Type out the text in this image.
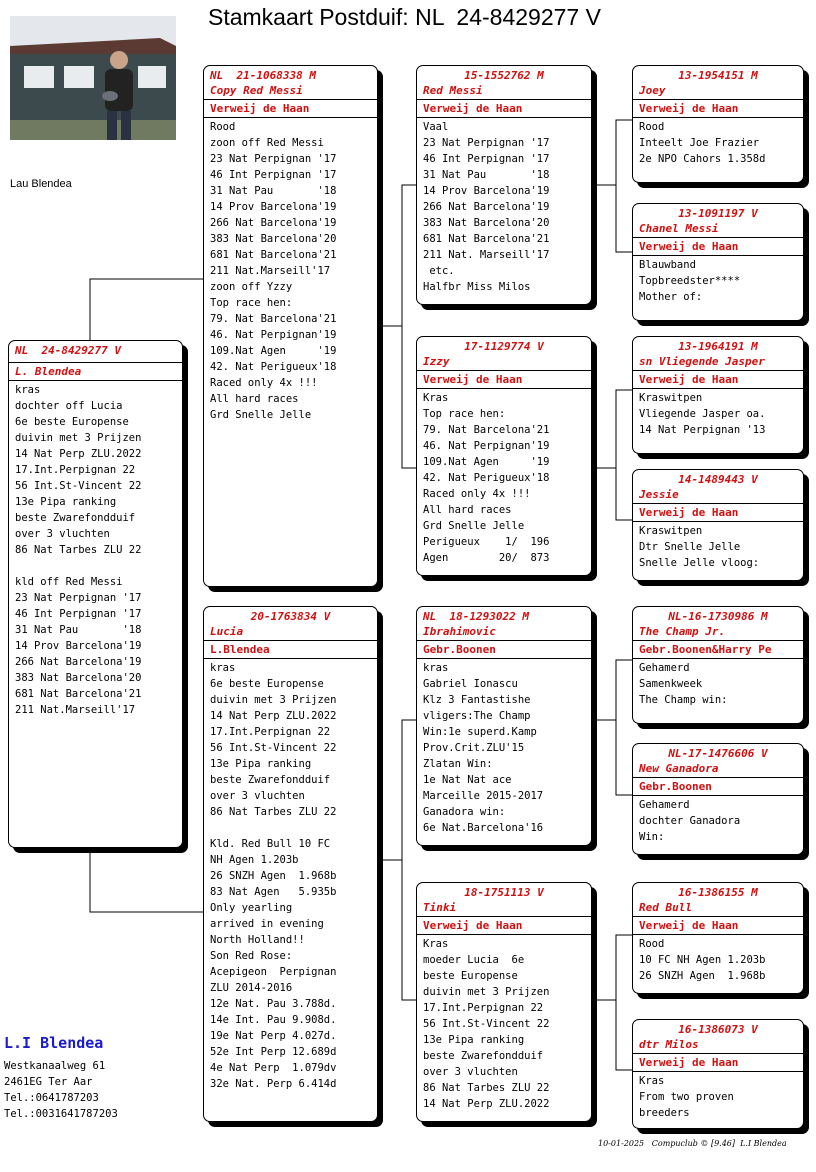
Stamkaart Postduif: NL  24-8429277 V
Lau Blendea
NL  24-8429277 V
L. Blendea
kras
dochter off Lucia
6e beste Europense
duivin met 3 Prijzen
14 Nat Perp ZLU.2022
17.Int.Perpignan 22
56 Int.St-Vincent 22
13e Pipa ranking
beste Zwarefondduif
over 3 vluchten
86 Nat Tarbes ZLU 22

kld off Red Messi
23 Nat Perpignan '17
46 Int Perpignan '17
31 Nat Pau       '18
14 Prov Barcelona'19
266 Nat Barcelona'19
383 Nat Barcelona'20
681 Nat Barcelona'21
211 Nat.Marseill'17
NL  21-1068338 M
Copy Red Messi
Verweij de Haan
Rood
zoon off Red Messi
23 Nat Perpignan '17
46 Int Perpignan '17
31 Nat Pau       '18
14 Prov Barcelona'19
266 Nat Barcelona'19
383 Nat Barcelona'20
681 Nat Barcelona'21
211 Nat.Marseill'17
zoon off Yzzy
Top race hen:
79. Nat Barcelona'21
46. Nat Perpignan'19
109.Nat Agen     '19
42. Nat Perigueux'18
Raced only 4x !!!
All hard races
Grd Snelle Jelle
20-1763834 V
Lucia
L.Blendea
kras
6e beste Europense
duivin met 3 Prijzen
14 Nat Perp ZLU.2022
17.Int.Perpignan 22
56 Int.St-Vincent 22
13e Pipa ranking
beste Zwarefondduif
over 3 vluchten
86 Nat Tarbes ZLU 22

Kld. Red Bull 10 FC
NH Agen 1.203b
26 SNZH Agen  1.968b
83 Nat Agen   5.935b
Only yearling
arrived in evening
North Holland!!
Son Red Rose:
Acepigeon  Perpignan
ZLU 2014-2016
12e Nat. Pau 3.788d.
14e Int. Pau 9.908d.
19e Nat Perp 4.027d.
52e Int Perp 12.689d
4e Nat Perp  1.079dv
32e Nat. Perp 6.414d
15-1552762 M
Red Messi
Verweij de Haan
Vaal
23 Nat Perpignan '17
46 Int Perpignan '17
31 Nat Pau       '18
14 Prov Barcelona'19
266 Nat Barcelona'19
383 Nat Barcelona'20
681 Nat Barcelona'21
211 Nat. Marseill'17
etc.
Halfbr Miss Milos
17-1129774 V
Izzy
Verweij de Haan
Kras
Top race hen:
79. Nat Barcelona'21
46. Nat Perpignan'19
109.Nat Agen     '19
42. Nat Perigueux'18
Raced only 4x !!!
All hard races
Grd Snelle Jelle
Perigueux    1/  196
Agen        20/  873
NL  18-1293022 M
Ibrahimovic
Gebr.Boonen
kras
Gabriel Ionascu
Klz 3 Fantastishe
vligers:The Champ
Win:1e superd.Kamp
Prov.Crit.ZLU'15
Zlatan Win:
1e Nat Nat ace
Marceille 2015-2017
Ganadora win:
6e Nat.Barcelona'16
18-1751113 V
Tinki
Verweij de Haan
Kras
moeder Lucia  6e
beste Europense
duivin met 3 Prijzen
17.Int.Perpignan 22
56 Int.St-Vincent 22
13e Pipa ranking
beste Zwarefondduif
over 3 vluchten
86 Nat Tarbes ZLU 22
14 Nat Perp ZLU.2022
13-1954151 M
Joey
Verweij de Haan
Rood
Inteelt Joe Frazier
2e NPO Cahors 1.358d
13-1091197 V
Chanel Messi
Verweij de Haan
Blauwband
Topbreedster****
Mother of:
13-1964191 M
sn Vliegende Jasper
Verweij de Haan
Kraswitpen
Vliegende Jasper oa.
14 Nat Perpignan '13
14-1489443 V
Jessie
Verweij de Haan
Kraswitpen
Dtr Snelle Jelle
Snelle Jelle vloog:
NL-16-1730986 M
The Champ Jr.
Gebr.Boonen&Harry Pe
Gehamerd
Samenkweek
The Champ win:
NL-17-1476606 V
New Ganadora
Gebr.Boonen
Gehamerd
dochter Ganadora
Win:
16-1386155 M
Red Bull
Verweij de Haan
Rood
10 FC NH Agen 1.203b
26 SNZH Agen  1.968b
16-1386073 V
dtr Milos
Verweij de Haan
Kras
From two proven
breeders
L.I Blendea
Westkanaalweg 61
2461EG Ter Aar
Tel.:0641787203
Tel.:0031641787203
10-01-2025   Compuclub © [9.46]  L.I Blendea
